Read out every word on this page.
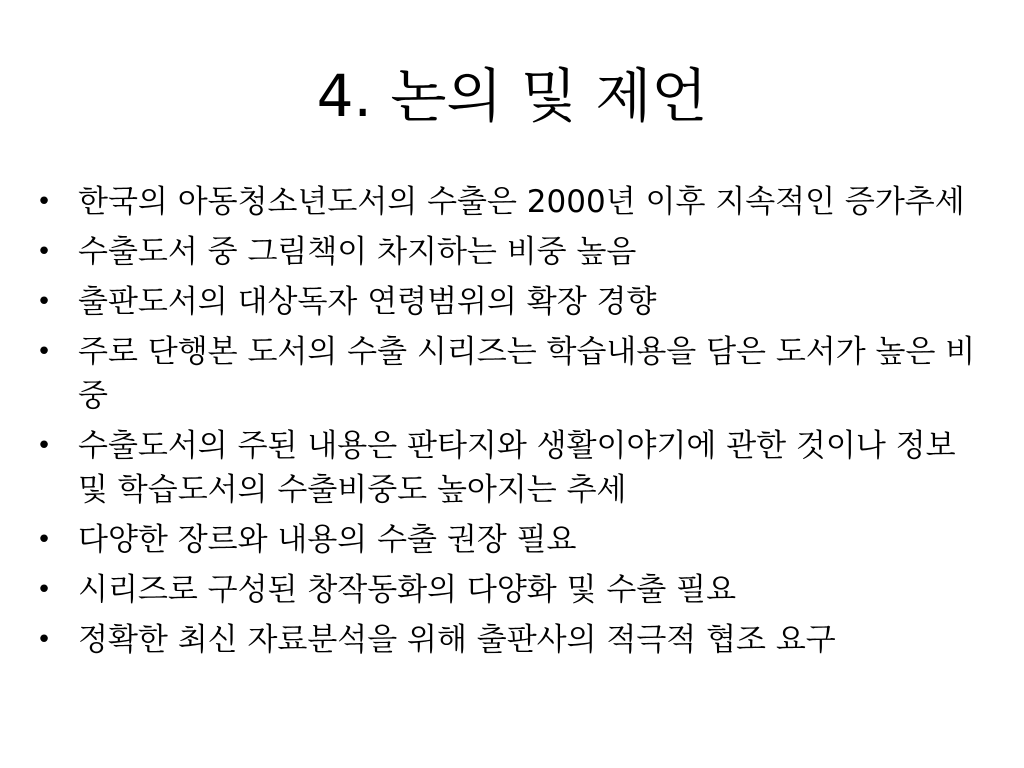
4. 논의 및 제언
• 한국의 아동청소년도서의 수출은 2000년 이후 지속적인 증가추세
• 수출도서 중 그림책이 차지하는 비중 높음
• 출판도서의 대상독자 연령범위의 확장 경향
• 주로 단행본 도서의 수출 시리즈는 학습내용을 담은 도서가 높은 비중
• 수출도서의 주된 내용은 판타지와 생활이야기에 관한 것이나 정보 및 학습도서의 수출비중도 높아지는 추세
• 다양한 장르와 내용의 수출 권장 필요
• 시리즈로 구성된 창작동화의 다양화 및 수출 필요
• 정확한 최신 자료분석을 위해 출판사의 적극적 협조 요구
